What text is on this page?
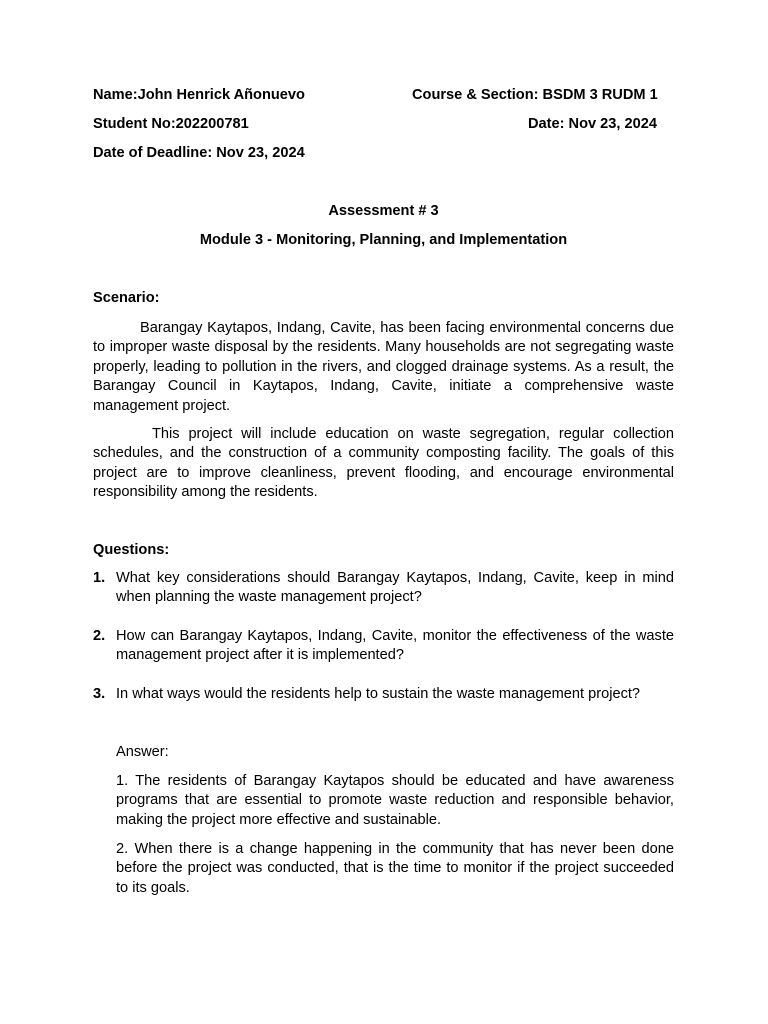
Name:John Henrick Añonuevo	Course & Section: BSDM 3 RUDM 1
Student No:202200781	Date: Nov 23, 2024
Date of Deadline: Nov 23, 2024
Assessment # 3
Module 3 - Monitoring, Planning, and Implementation
Scenario:

Barangay Kaytapos, Indang, Cavite, has been facing environmental concerns due to improper waste disposal by the residents. Many households are not segregating waste properly, leading to pollution in the rivers, and clogged drainage systems. As a result, the Barangay Council in Kaytapos, Indang, Cavite, initiate a comprehensive waste management project.

This project will include education on waste segregation, regular collection schedules, and the construction of a community composting facility. The goals of this project are to improve cleanliness, prevent flooding, and encourage environmental responsibility among the residents.

Questions:
1. What key considerations should Barangay Kaytapos, Indang, Cavite, keep in mind when planning the waste management project?
2. How can Barangay Kaytapos, Indang, Cavite, monitor the effectiveness of the waste management project after it is implemented?
3. In what ways would the residents help to sustain the waste management project?
Answer:
1. The residents of Barangay Kaytapos should be educated and have awareness programs that are essential to promote waste reduction and responsible behavior, making the project more effective and sustainable.
2. When there is a change happening in the community that has never been done before the project was conducted, that is the time to monitor if the project succeeded to its goals.
